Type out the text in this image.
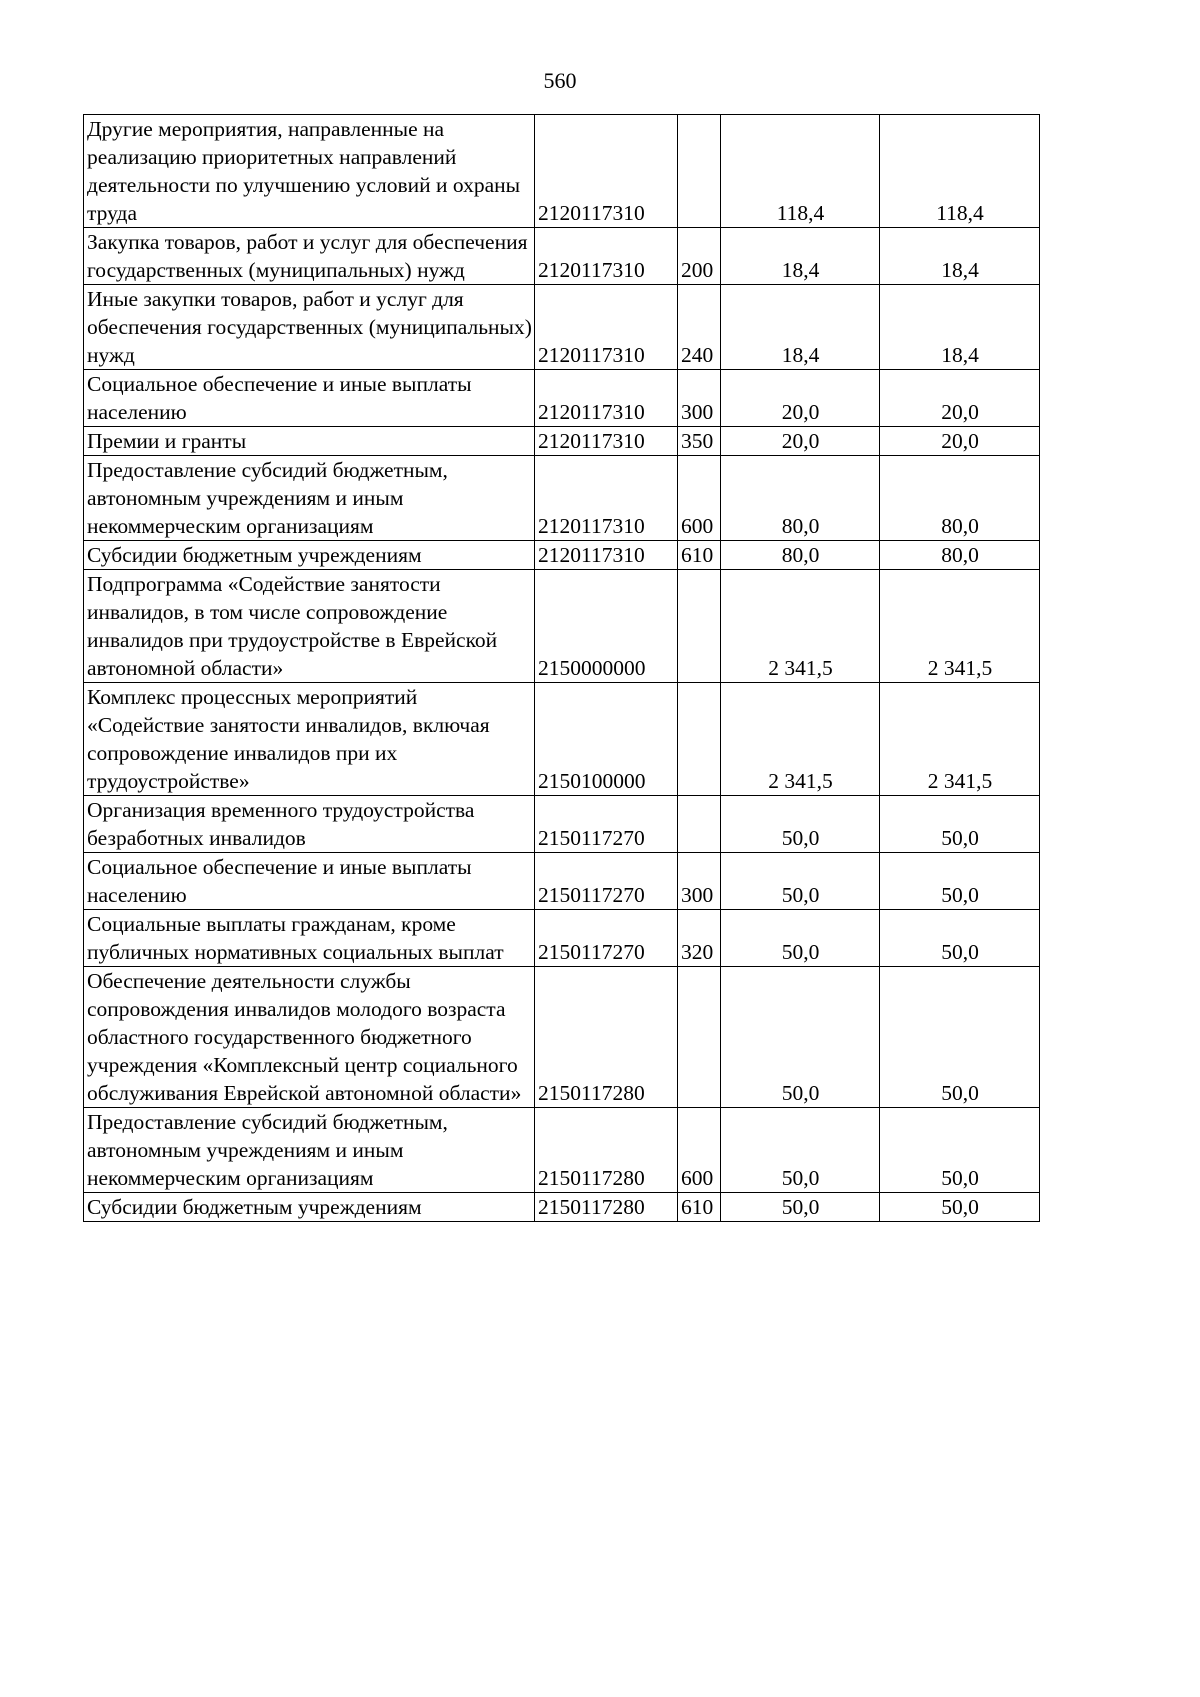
560
Другие мероприятия, направленные на реализацию приоритетных направлений деятельности по улучшению условий и охраны труда	2120117310		118,4	118,4
Закупка товаров, работ и услуг для обеспечения государственных (муниципальных) нужд	2120117310	200	18,4	18,4
Иные закупки товаров, работ и услуг для обеспечения государственных (муниципальных) нужд	2120117310	240	18,4	18,4
Социальное обеспечение и иные выплаты населению	2120117310	300	20,0	20,0
Премии и гранты	2120117310	350	20,0	20,0
Предоставление субсидий бюджетным, автономным учреждениям и иным некоммерческим организациям	2120117310	600	80,0	80,0
Субсидии бюджетным учреждениям	2120117310	610	80,0	80,0
Подпрограмма «Содействие занятости инвалидов, в том числе сопровождение инвалидов при трудоустройстве в Еврейской автономной области»	2150000000		2 341,5	2 341,5
Комплекс процессных мероприятий «Содействие занятости инвалидов, включая сопровождение инвалидов при их трудоустройстве»	2150100000		2 341,5	2 341,5
Организация временного трудоустройства безработных инвалидов	2150117270		50,0	50,0
Социальное обеспечение и иные выплаты населению	2150117270	300	50,0	50,0
Социальные выплаты гражданам, кроме публичных нормативных социальных выплат	2150117270	320	50,0	50,0
Обеспечение деятельности службы сопровождения инвалидов молодого возраста областного государственного бюджетного учреждения «Комплексный центр социального обслуживания Еврейской автономной области»	2150117280		50,0	50,0
Предоставление субсидий бюджетным, автономным учреждениям и иным некоммерческим организациям	2150117280	600	50,0	50,0
Субсидии бюджетным учреждениям	2150117280	610	50,0	50,0
